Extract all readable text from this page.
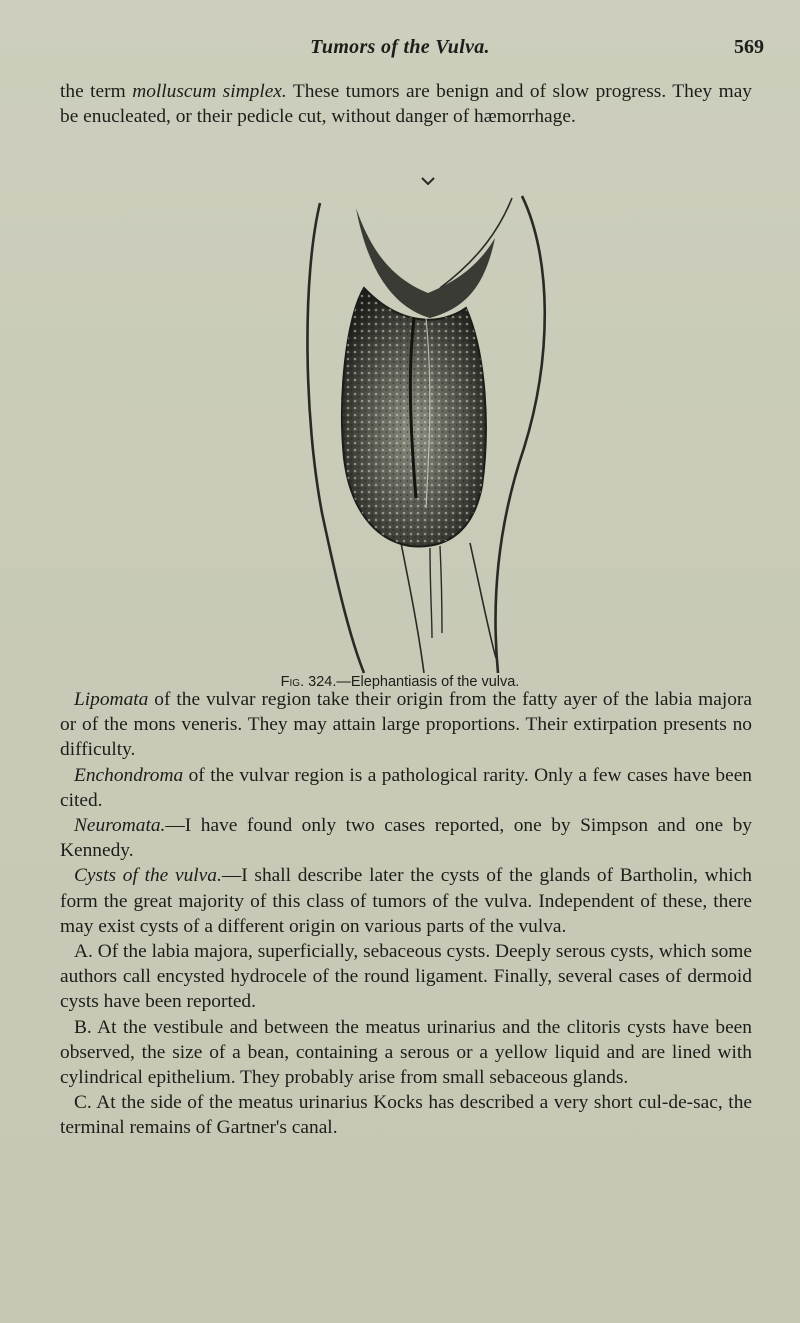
Tumors of the Vulva.	569

the term molluscum simplex. These tumors are benign and of slow progress. They may be enucleated, or their pedicle cut, without danger of hæmorrhage.

Fig. 324.—Elephantiasis of the vulva.

Lipomata of the vulvar region take their origin from the fatty ayer of the labia majora or of the mons veneris. They may attain large proportions. Their extirpation presents no difficulty.

Enchondroma of the vulvar region is a pathological rarity. Only a few cases have been cited.

Neuromata.—I have found only two cases reported, one by Simpson and one by Kennedy.

Cysts of the vulva.—I shall describe later the cysts of the glands of Bartholin, which form the great majority of this class of tumors of the vulva. Independent of these, there may exist cysts of a different origin on various parts of the vulva.

A. Of the labia majora, superficially, sebaceous cysts. Deeply serous cysts, which some authors call encysted hydrocele of the round ligament. Finally, several cases of dermoid cysts have been reported.

B. At the vestibule and between the meatus urinarius and the clitoris cysts have been observed, the size of a bean, containing a serous or a yellow liquid and are lined with cylindrical epithelium. They probably arise from small sebaceous glands.

C. At the side of the meatus urinarius Kocks has described a very short cul-de-sac, the terminal remains of Gartner's canal.
